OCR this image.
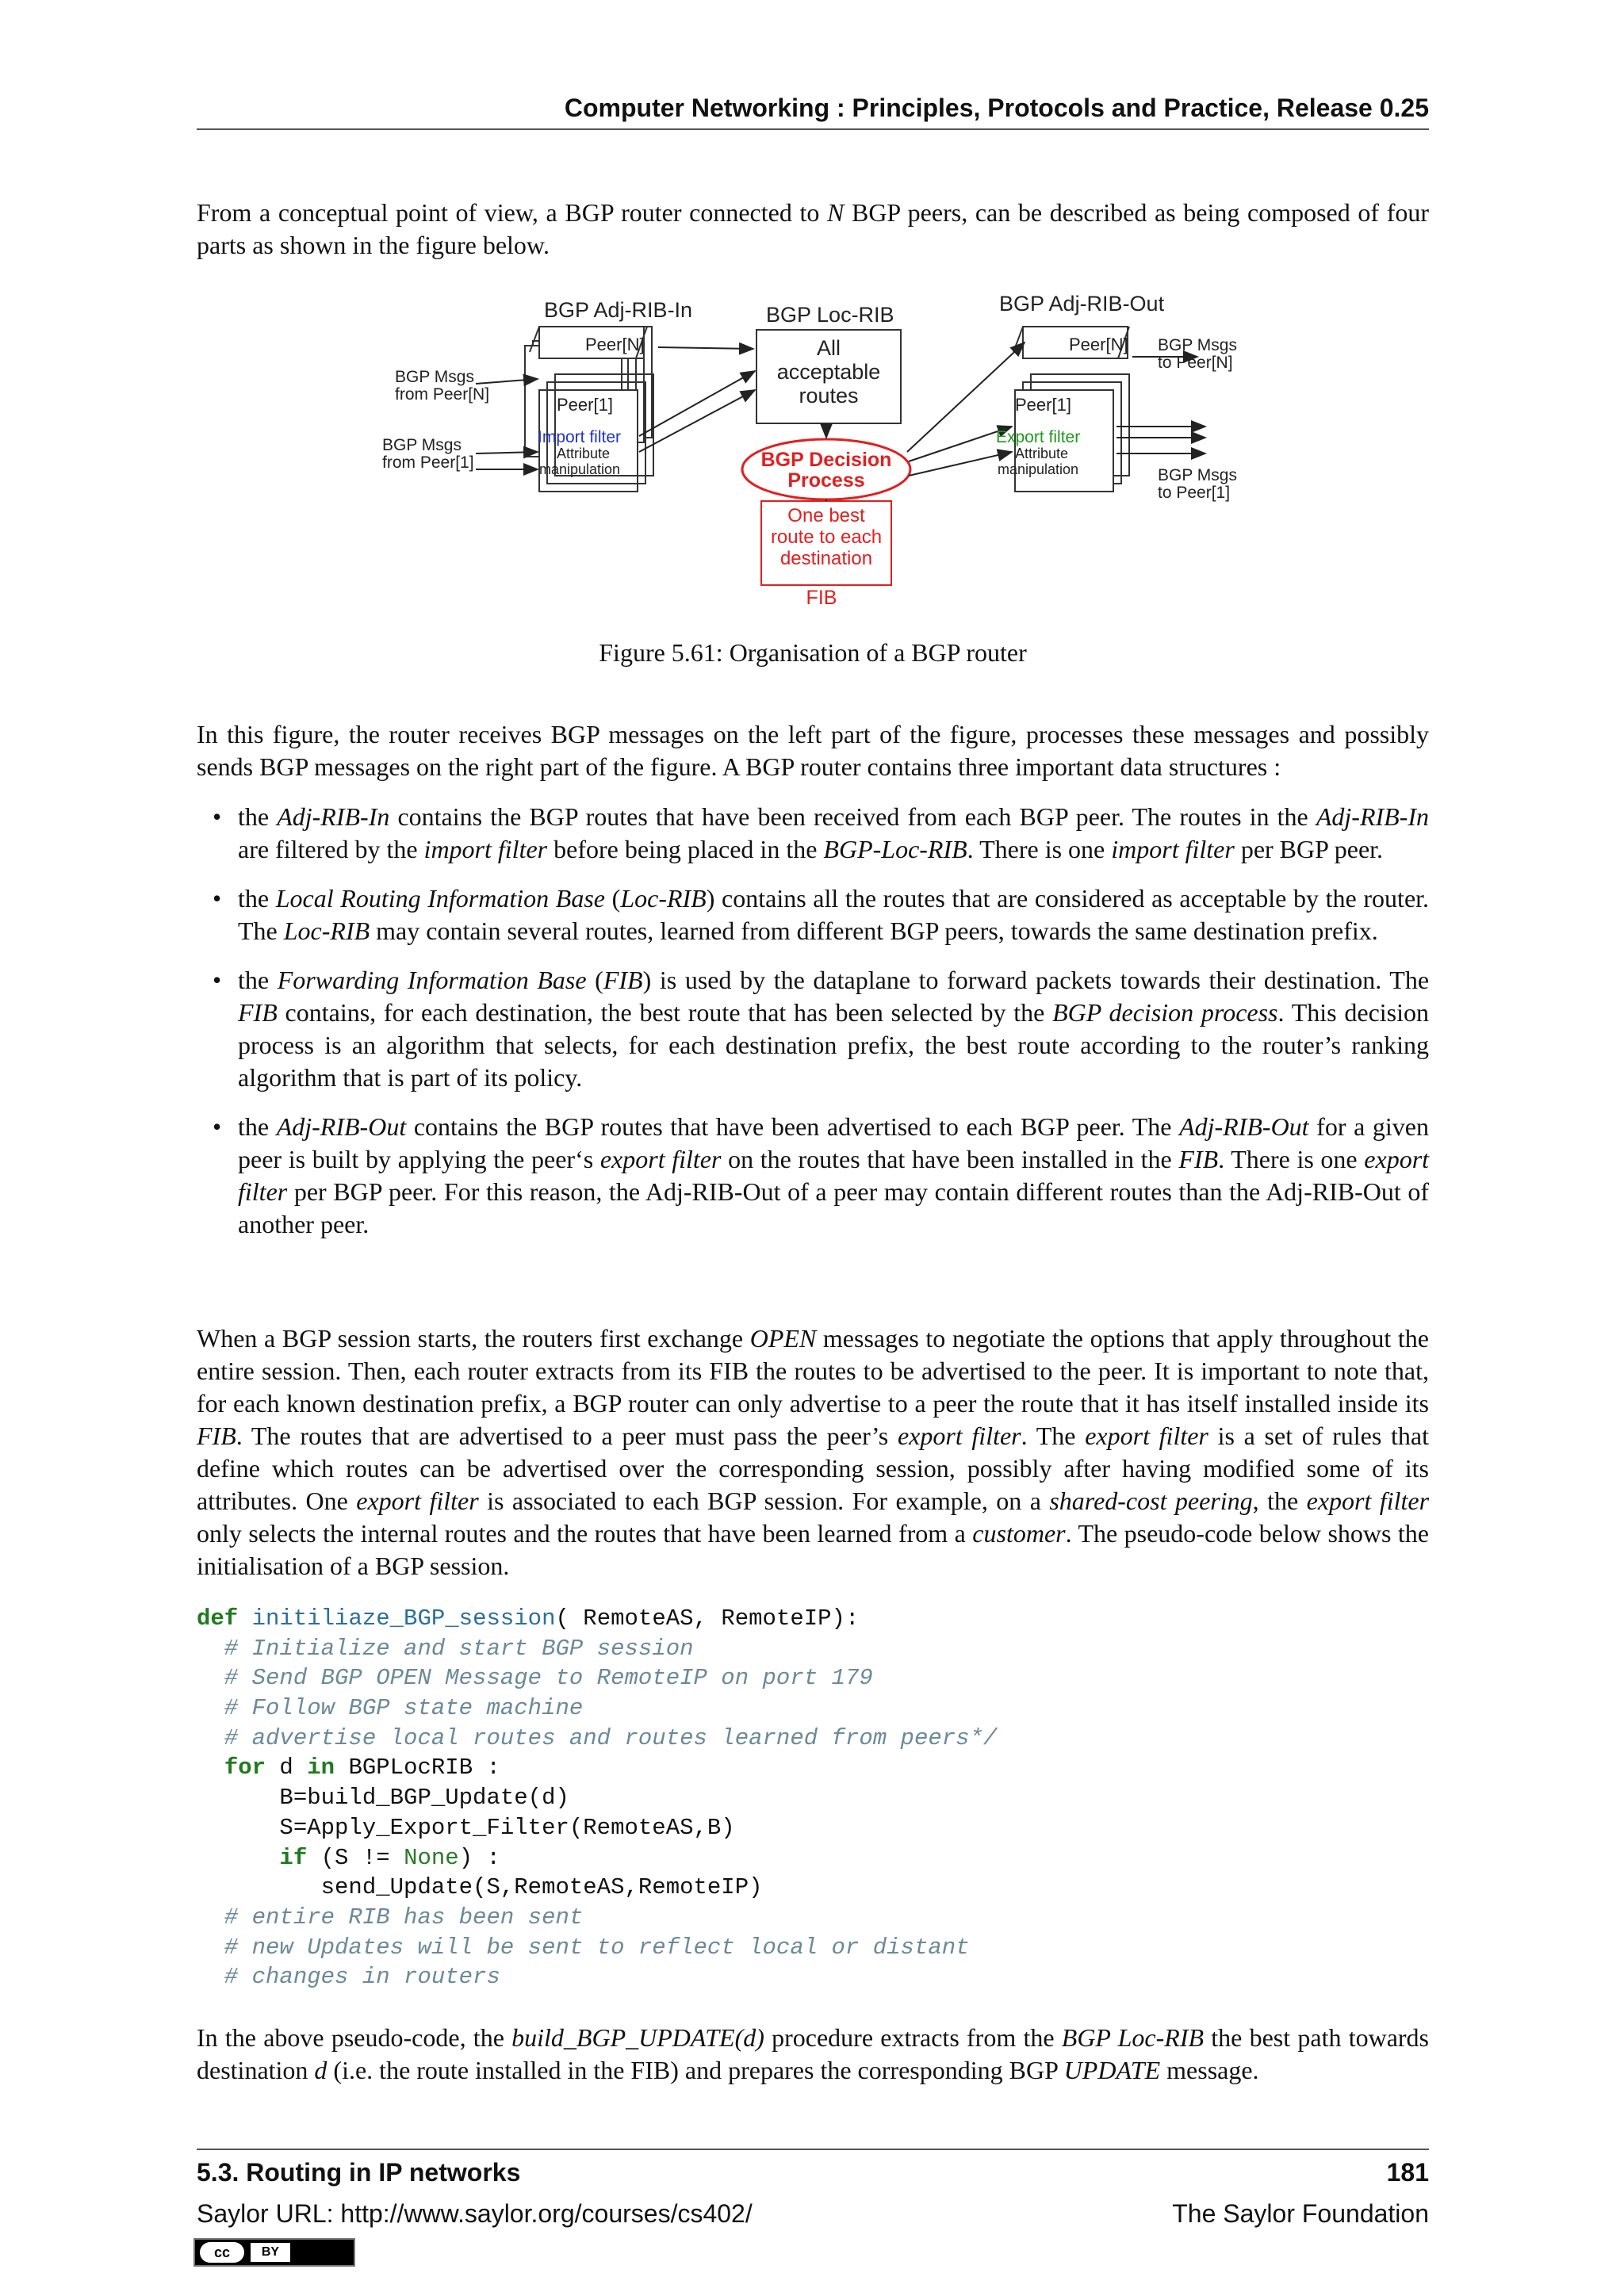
Computer Networking : Principles, Protocols and Practice, Release 0.25
From a conceptual point of view, a BGP router connected to N BGP peers, can be described as being composed of four parts as shown in the figure below.
BGP Adj-RIB-In	BGP Loc-RIB	BGP Adj-RIB-Out
Peer[N]	Peer[N]
Peer[1]	Peer[1]
Import filter	Export filter
Attribute
manipulation
Attribute
manipulation
BGP Msgs
from Peer[N]
BGP Msgs
from Peer[1]
BGP Msgs
to Peer[N]
BGP Msgs
to Peer[1]
All
acceptable
routes
BGP Decision
Process
One best
route to each
destination
FIB
Figure 5.61: Organisation of a BGP router
In this figure, the router receives BGP messages on the left part of the figure, processes these messages and possibly sends BGP messages on the right part of the figure. A BGP router contains three important data structures :
• the Adj-RIB-In contains the BGP routes that have been received from each BGP peer. The routes in the Adj-RIB-In are filtered by the import filter before being placed in the BGP-Loc-RIB. There is one import filter per BGP peer.
• the Local Routing Information Base (Loc-RIB) contains all the routes that are considered as acceptable by the router. The Loc-RIB may contain several routes, learned from different BGP peers, towards the same destination prefix.
• the Forwarding Information Base (FIB) is used by the dataplane to forward packets towards their destination. The FIB contains, for each destination, the best route that has been selected by the BGP decision process. This decision process is an algorithm that selects, for each destination prefix, the best route according to the router’s ranking algorithm that is part of its policy.
• the Adj-RIB-Out contains the BGP routes that have been advertised to each BGP peer. The Adj-RIB-Out for a given peer is built by applying the peer‘s export filter on the routes that have been installed in the FIB. There is one export filter per BGP peer. For this reason, the Adj-RIB-Out of a peer may contain different routes than the Adj-RIB-Out of another peer.
When a BGP session starts, the routers first exchange OPEN messages to negotiate the options that apply throughout the entire session. Then, each router extracts from its FIB the routes to be advertised to the peer. It is important to note that, for each known destination prefix, a BGP router can only advertise to a peer the route that it has itself installed inside its FIB. The routes that are advertised to a peer must pass the peer’s export filter. The export filter is a set of rules that define which routes can be advertised over the corresponding session, possibly after having modified some of its attributes. One export filter is associated to each BGP session. For example, on a shared-cost peering, the export filter only selects the internal routes and the routes that have been learned from a customer. The pseudo-code below shows the initialisation of a BGP session.
def initiliaze_BGP_session( RemoteAS, RemoteIP):
# Initialize and start BGP session
# Send BGP OPEN Message to RemoteIP on port 179
# Follow BGP state machine
# advertise local routes and routes learned from peers*/
for d in BGPLocRIB :
B=build_BGP_Update(d)
S=Apply_Export_Filter(RemoteAS,B)
if (S != None) :
send_Update(S,RemoteAS,RemoteIP)
# entire RIB has been sent
# new Updates will be sent to reflect local or distant
# changes in routers
In the above pseudo-code, the build_BGP_UPDATE(d) procedure extracts from the BGP Loc-RIB the best path towards destination d (i.e. the route installed in the FIB) and prepares the corresponding BGP UPDATE message.
5.3. Routing in IP networks	181
Saylor URL: http://www.saylor.org/courses/cs402/	The Saylor Foundation
cc	BY
